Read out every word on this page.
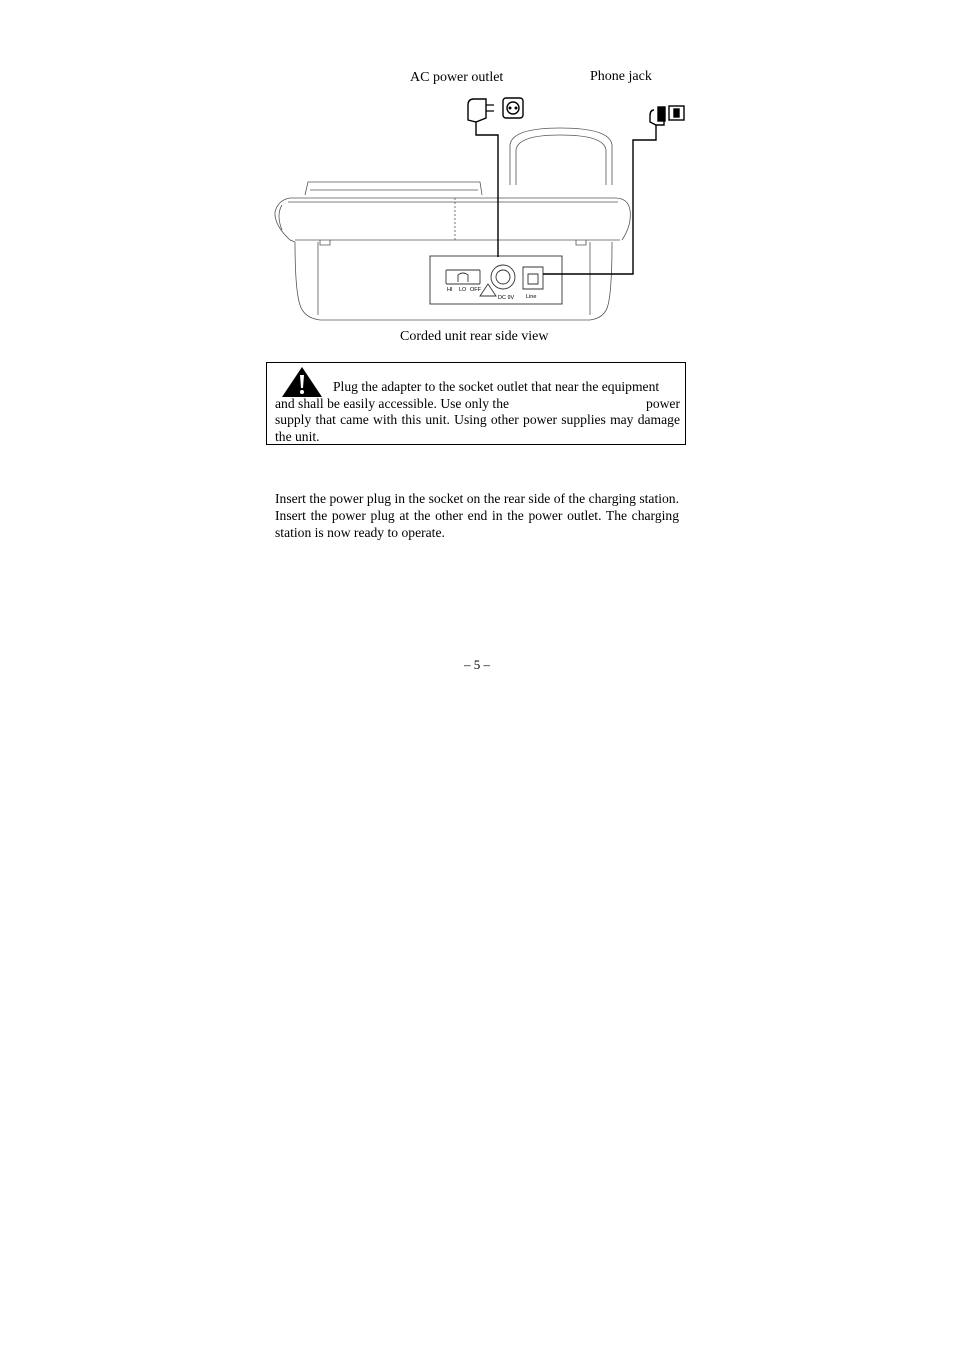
AC power outlet	Phone jack
HI LO OFF
DC 9V Line
Corded unit rear side view
Plug the adapter to the socket outlet that near the equipment
and shall be easily accessible. Use only the	power
supply that came with this unit. Using other power supplies may damage the unit.
Insert the power plug in the socket on the rear side of the charging station. Insert the power plug at the other end in the power outlet. The charging station is now ready to operate.
– 5 –
